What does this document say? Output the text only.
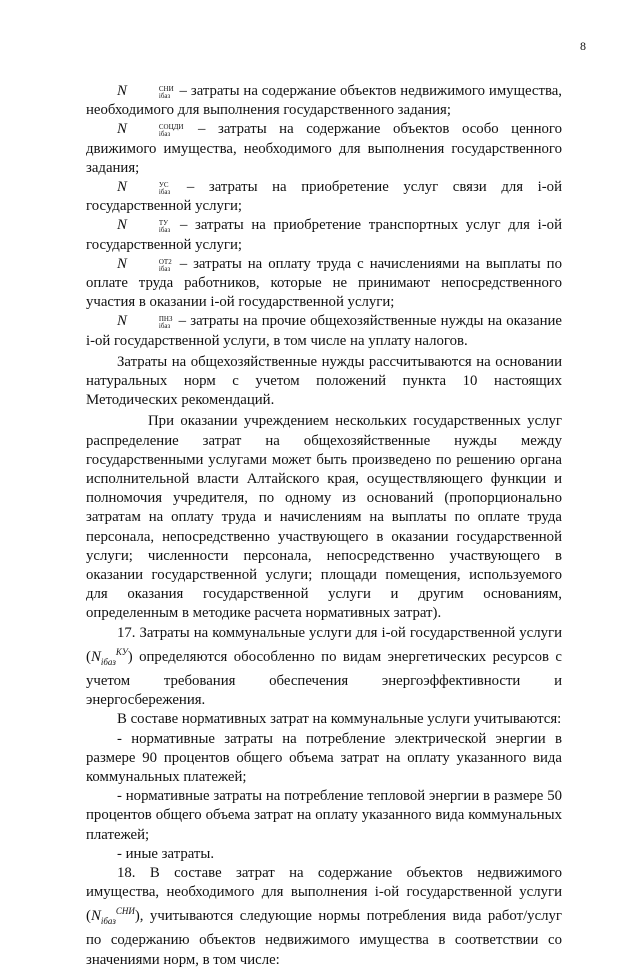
8

N	СНИ
iбаз – затраты на содержание объектов недвижимого имущества, необходимого для выполнения государственного задания;

N	СОЦДИ
iбаз	– затраты на содержание объектов особо ценного движимого имущества, необходимого для выполнения государственного задания;

N	УС
iбаз – затраты на приобретение услуг связи для i-ой государственной услуги;

N	ТУ
iбаз – затраты на приобретение транспортных услуг для i-ой государственной услуги;

N	ОТ2
iбаз – затраты на оплату труда с начислениями на выплаты по оплате труда работников, которые не принимают непосредственного участия в оказании i-ой государственной услуги;

N	ПНЗ
iбаз – затраты на прочие общехозяйственные нужды на оказание i-ой государственной услуги, в том числе на уплату налогов.

Затраты на общехозяйственные нужды рассчитываются на основании натуральных норм с учетом положений пункта 10 настоящих Методических рекомендаций.

При оказании учреждением нескольких государственных услуг распределение затрат на общехозяйственные нужды между государственными услугами может быть произведено по решению органа исполнительной власти Алтайского края, осуществляющего функции и полномочия учредителя, по одному из оснований (пропорционально затратам на оплату труда и начислениям на выплаты по оплате труда персонала, непосредственно участвующего в оказании государственной услуги; численности персонала, непосредственно участвующего в оказании государственной услуги; площади помещения, используемого для оказания государственной услуги и другим основаниям, определенным в методике расчета нормативных затрат).

17. Затраты на коммунальные услуги для i-ой государственной услуги $(N_{iбаз}^{КУ})$ определяются обособленно по видам энергетических ресурсов с учетом требования обеспечения энергоэффективности и энергосбережения.

В составе нормативных затрат на коммунальные услуги учитываются:

- нормативные затраты на потребление электрической энергии в размере 90 процентов общего объема затрат на оплату указанного вида коммунальных платежей;

- нормативные затраты на потребление тепловой энергии в размере 50 процентов общего объема затрат на оплату указанного вида коммунальных платежей;

- иные затраты.

18. В составе затрат на содержание объектов недвижимого имущества, необходимого для выполнения i-ой государственной услуги $(N_{iбаз}^{СНИ})$, учитываются следующие нормы потребления вида работ/услуг по содержанию объектов недвижимого имущества в соответствии со значениями норм, в том числе:
